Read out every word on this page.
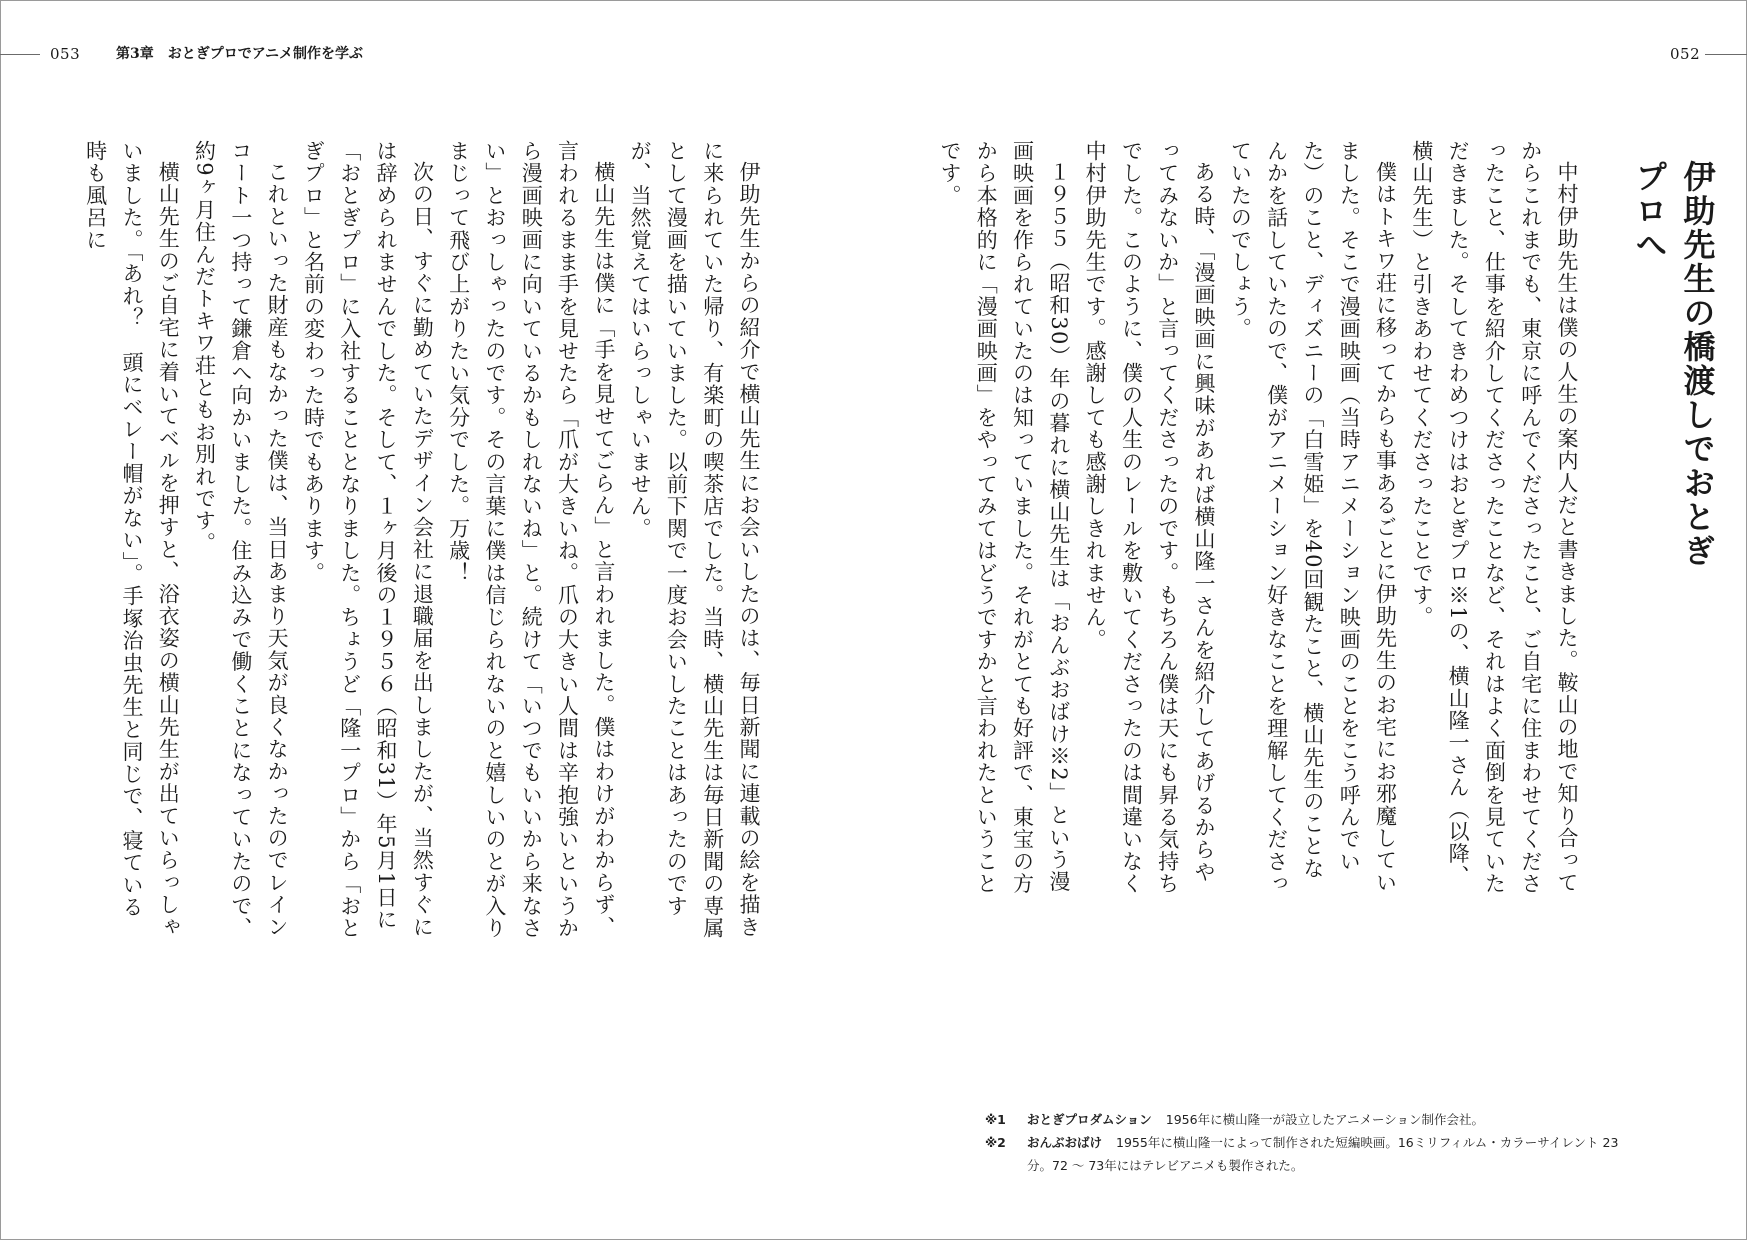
053	第3章　おとぎプロでアニメ制作を学ぶ	052
伊助先生の橋渡しでおとぎプロへ

中村伊助先生は僕の人生の案内人だと書きました。鞍山の地で知り合ってからこれまでも、東京に呼んでくださったこと、ご自宅に住まわせてくださったこと、仕事を紹介してくださったことなど、それはよく面倒を見ていただきました。そしてきわめつけはおとぎプロ※1の、横山隆一さん（以降、横山先生）と引きあわせてくださったことです。

僕はトキワ荘に移ってからも事あるごとに伊助先生のお宅にお邪魔していました。そこで漫画映画（当時アニメーション映画のことをこう呼んでいた）のこと、ディズニーの「白雪姫」を40回観たこと、横山先生のことなんかを話していたので、僕がアニメーション好きなことを理解してくださっていたのでしょう。

ある時、「漫画映画に興味があれば横山隆一さんを紹介してあげるからやってみないか」と言ってくださったのです。もちろん僕は天にも昇る気持ちでした。このように、僕の人生のレールを敷いてくださったのは間違いなく中村伊助先生です。感謝しても感謝しきれません。

１９５５（昭和30）年の暮れに横山先生は「おんぶおばけ※2」という漫画映画を作られていたのは知っていました。それがとても好評で、東宝の方から本格的に「漫画映画」をやってみてはどうですかと言われたということです。

伊助先生からの紹介で横山先生にお会いしたのは、毎日新聞に連載の絵を描きに来られていた帰り、有楽町の喫茶店でした。当時、横山先生は毎日新聞の専属として漫画を描いていました。以前下関で一度お会いしたことはあったのですが、当然覚えてはいらっしゃいません。

横山先生は僕に「手を見せてごらん」と言われました。僕はわけがわからず、言われるまま手を見せたら「爪が大きいね。爪の大きい人間は辛抱強いというから漫画映画に向いているかもしれないね」と。続けて「いつでもいいから来なさい」とおっしゃったのです。その言葉に僕は信じられないのと嬉しいのとが入りまじって飛び上がりたい気分でした。万歳！

次の日、すぐに勤めていたデザイン会社に退職届を出しましたが、当然すぐには辞められませんでした。そして、１ヶ月後の１９５６（昭和31）年5月1日に「おとぎプロ」に入社することとなりました。ちょうど「隆一プロ」から「おとぎプロ」と名前の変わった時でもあります。

これといった財産もなかった僕は、当日あまり天気が良くなかったのでレインコート一つ持って鎌倉へ向かいました。住み込みで働くことになっていたので、約9ヶ月住んだトキワ荘ともお別れです。

横山先生のご自宅に着いてベルを押すと、浴衣姿の横山先生が出ていらっしゃいました。「あれ？　頭にベレー帽がない」。手塚治虫先生と同じで、寝ている時も風呂に

※1 おとぎプロダムション 1956年に横山隆一が設立したアニメーション制作会社。
※2 おんぶおばけ 1955年に横山隆一によって制作された短編映画。16ミリフィルム・カラーサイレント 23分。72 ～ 73年にはテレビアニメも製作された。
